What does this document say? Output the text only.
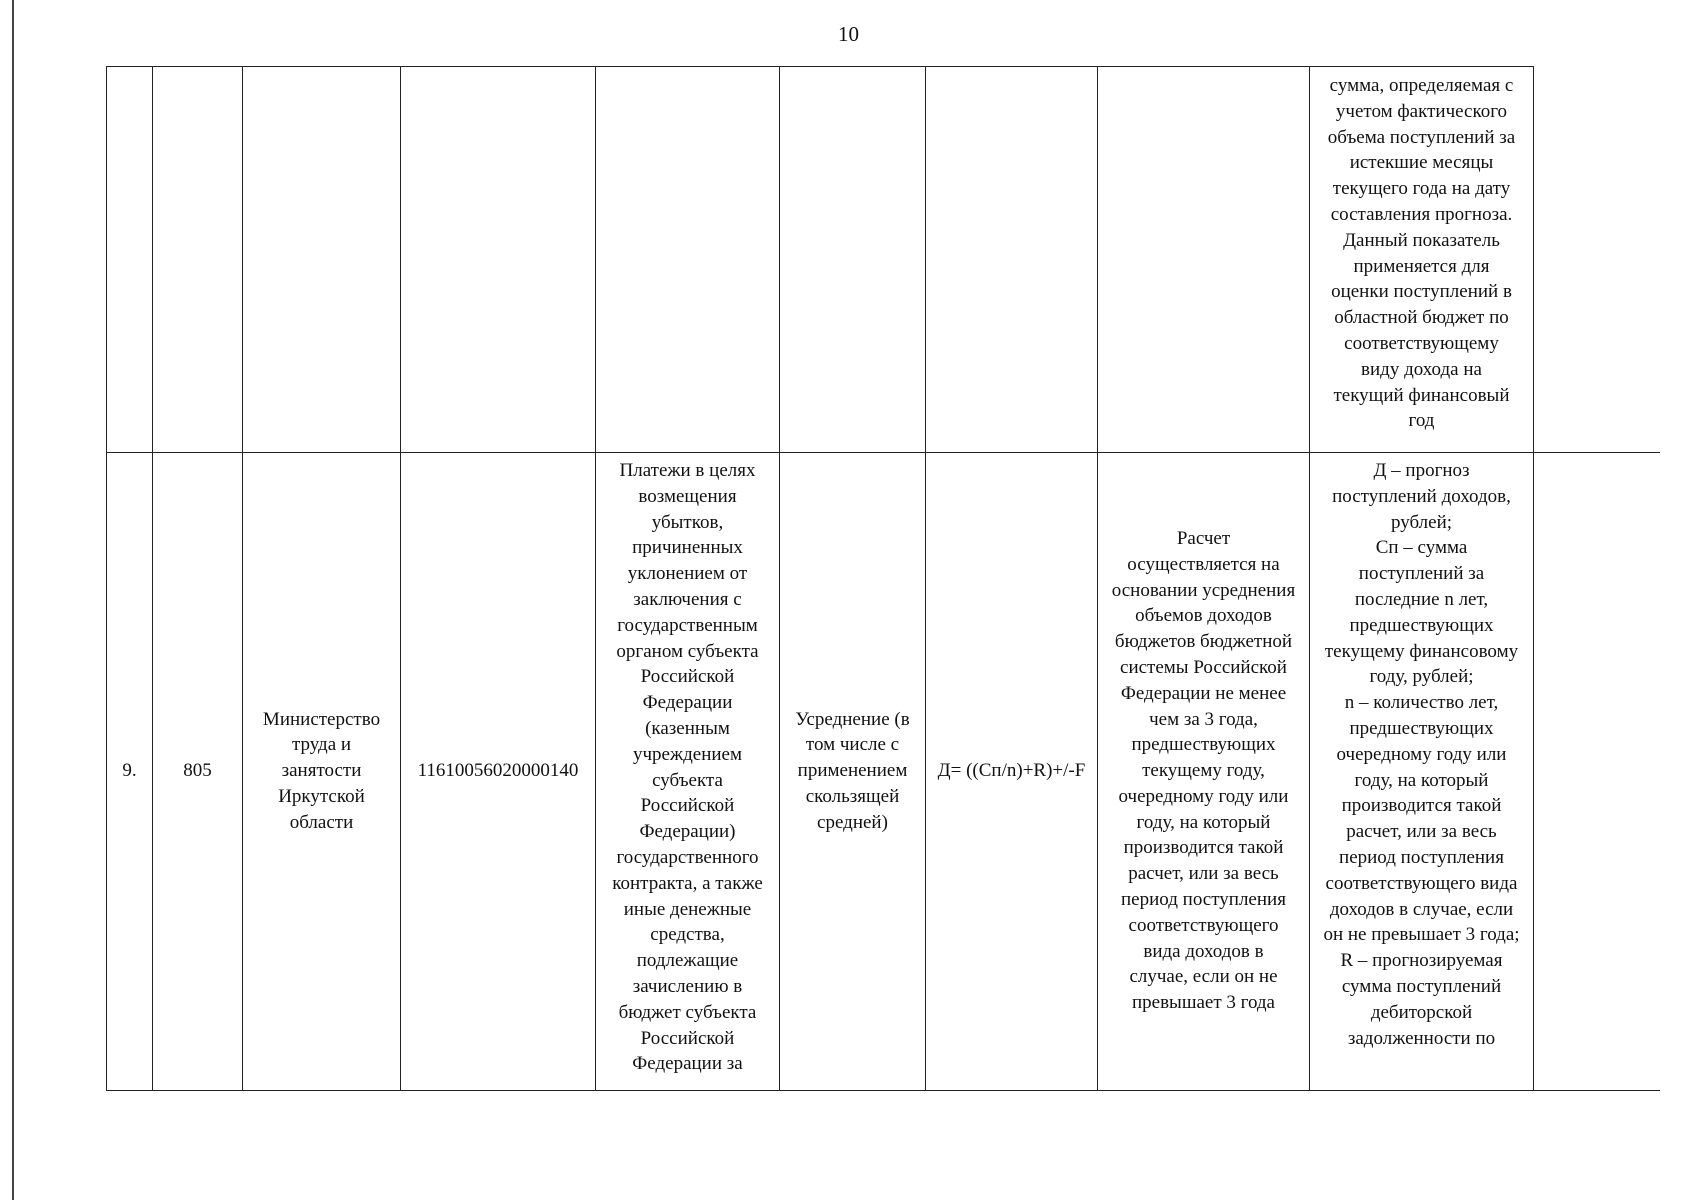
10
сумма, определяемая с
учетом фактического
объема поступлений за
истекшие месяцы
текущего года на дату
составления прогноза.
Данный показатель
применяется для
оценки поступлений в
областной бюджет по
соответствующему
виду дохода на
текущий финансовый
год
9. 805
Министерство
труда и
занятости
Иркутской
области
11610056020000140
Платежи в целях
возмещения
убытков,
причиненных
уклонением от
заключения с
государственным
органом субъекта
Российской
Федерации
(казенным
учреждением
субъекта
Российской
Федерации)
государственного
контракта, а также
иные денежные
средства,
подлежащие
зачислению в
бюджет субъекта
Российской
Федерации за
Усреднение (в
том числе с
применением
скользящей
средней)
Д= ((Сп/n)+R)+/-F
Расчет
осуществляется на
основании усреднения
объемов доходов
бюджетов бюджетной
системы Российской
Федерации не менее
чем за 3 года,
предшествующих
текущему году,
очередному году или
году, на который
производится такой
расчет, или за весь
период поступления
соответствующего
вида доходов в
случае, если он не
превышает 3 года
Д – прогноз
поступлений доходов,
рублей;
Сп – сумма
поступлений за
последние n лет,
предшествующих
текущему финансовому
году, рублей;
n – количество лет,
предшествующих
очередному году или
году, на который
производится такой
расчет, или за весь
период поступления
соответствующего вида
доходов в случае, если
он не превышает 3 года;
R – прогнозируемая
сумма поступлений
дебиторской
задолженности по
